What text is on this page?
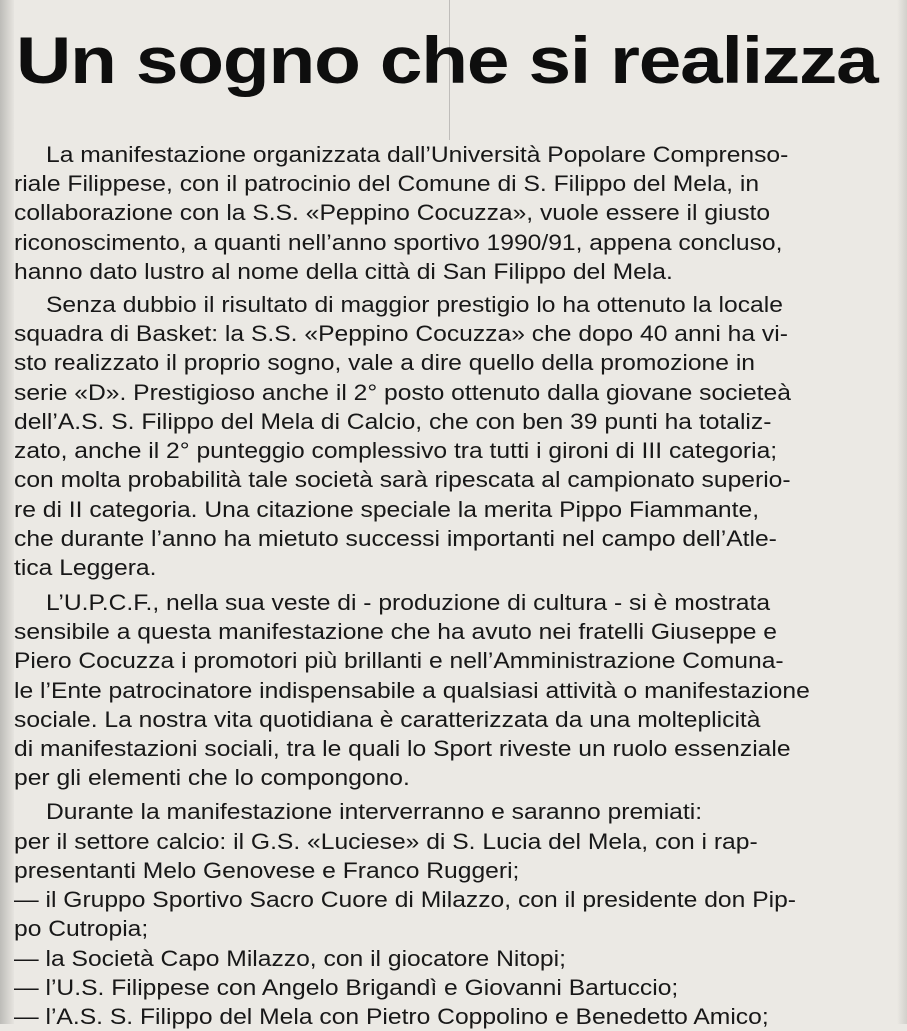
Un sogno che si realizza
La manifestazione organizzata dall’Università Popolare Comprenso-
riale Filippese, con il patrocinio del Comune di S. Filippo del Mela, in
collaborazione con la S.S. «Peppino Cocuzza», vuole essere il giusto
riconoscimento, a quanti nell’anno sportivo 1990/91, appena concluso,
hanno dato lustro al nome della città di San Filippo del Mela.
Senza dubbio il risultato di maggior prestigio lo ha ottenuto la locale
squadra di Basket: la S.S. «Peppino Cocuzza» che dopo 40 anni ha vi-
sto realizzato il proprio sogno, vale a dire quello della promozione in
serie «D». Prestigioso anche il 2° posto ottenuto dalla giovane societeà
dell’A.S. S. Filippo del Mela di Calcio, che con ben 39 punti ha totaliz-
zato, anche il 2° punteggio complessivo tra tutti i gironi di III categoria;
con molta probabilità tale società sarà ripescata al campionato superio-
re di II categoria. Una citazione speciale la merita Pippo Fiammante,
che durante l’anno ha mietuto successi importanti nel campo dell’Atle-
tica Leggera.
L’U.P.C.F., nella sua veste di - produzione di cultura - si è mostrata
sensibile a questa manifestazione che ha avuto nei fratelli Giuseppe e
Piero Cocuzza i promotori più brillanti e nell’Amministrazione Comuna-
le l’Ente patrocinatore indispensabile a qualsiasi attività o manifestazione
sociale. La nostra vita quotidiana è caratterizzata da una molteplicità
di manifestazioni sociali, tra le quali lo Sport riveste un ruolo essenziale
per gli elementi che lo compongono.
Durante la manifestazione interverranno e saranno premiati:
per il settore calcio: il G.S. «Luciese» di S. Lucia del Mela, con i rap-
presentanti Melo Genovese e Franco Ruggeri;
— il Gruppo Sportivo Sacro Cuore di Milazzo, con il presidente don Pip-
po Cutropia;
— la Società Capo Milazzo, con il giocatore Nitopi;
— l’U.S. Filippese con Angelo Brigandì e Giovanni Bartuccio;
— l’A.S. S. Filippo del Mela con Pietro Coppolino e Benedetto Amico;
